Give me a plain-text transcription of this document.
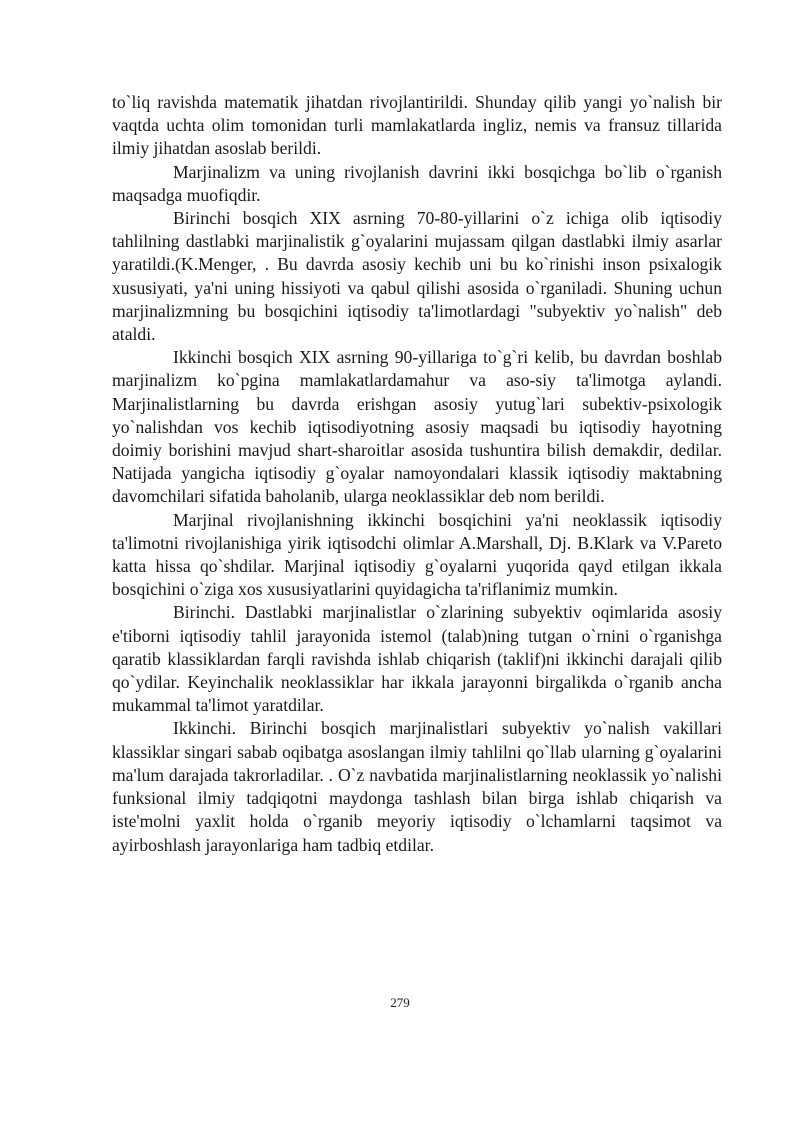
to`liq ravishda matematik jihatdan rivojlantirildi. Shunday qilib yangi yo`nalish bir vaqtda uchta olim tomonidan turli mamlakatlarda ingliz, nemis va fransuz tillarida ilmiy jihatdan asoslab berildi.

Marjinalizm va uning rivojlanish davrini ikki bosqichga bo`lib o`rganish maqsadga muofiqdir.

Birinchi bosqich XIX asrning 70-80-yillarini o`z ichiga olib iqtisodiy tahlilning dastlabki marjinalistik g`oyalarini mujassam qilgan dastlabki ilmiy asarlar yaratildi.(K.Menger, . Bu davrda asosiy kechib uni bu ko`rinishi inson psixalogik xususiyati, ya'ni uning hissiyoti va qabul qilishi asosida o`rganiladi. Shuning uchun marjinalizmning bu bosqichini iqtisodiy ta'limotlardagi "subyektiv yo`nalish" deb ataldi.

Ikkinchi bosqich XIX asrning 90-yillariga to`g`ri kelib, bu davrdan boshlab marjinalizm ko`pgina mamlakatlardamahur va aso-siy ta'limotga aylandi. Marjinalistlarning bu davrda erishgan asosiy yutug`lari subektiv-psixologik yo`nalishdan vos kechib iqtisodiyotning asosiy maqsadi bu iqtisodiy hayotning doimiy borishini mavjud shart-sharoitlar asosida tushuntira bilish demakdir, dedilar. Natijada yangicha iqtisodiy g`oyalar namoyondalari klassik iqtisodiy maktabning davomchilari sifatida baholanib, ularga neoklassiklar deb nom berildi.

Marjinal rivojlanishning ikkinchi bosqichini ya'ni neoklassik iqtisodiy ta'limotni rivojlanishiga yirik iqtisodchi olimlar A.Marshall, Dj. B.Klark va V.Pareto katta hissa qo`shdilar. Marjinal iqtisodiy g`oyalarni yuqorida qayd etilgan ikkala bosqichini o`ziga xos xususiyatlarini quyidagicha ta'riflanimiz mumkin.

Birinchi. Dastlabki marjinalistlar o`zlarining subyektiv oqimlarida asosiy e'tiborni iqtisodiy tahlil jarayonida istemol (talab)ning tutgan o`rnini o`rganishga qaratib klassiklardan farqli ravishda ishlab chiqarish (taklif)ni ikkinchi darajali qilib qo`ydilar. Keyinchalik neoklassiklar har ikkala jarayonni birgalikda o`rganib ancha mukammal ta'limot yaratdilar.

Ikkinchi. Birinchi bosqich marjinalistlari subyektiv yo`nalish vakillari klassiklar singari sabab oqibatga asoslangan ilmiy tahlilni qo`llab ularning g`oyalarini ma'lum darajada takrorladilar. . O`z navbatida marjinalistlarning neoklassik yo`nalishi funksional ilmiy tadqiqotni maydonga tashlash bilan birga ishlab chiqarish va iste'molni yaxlit holda o`rganib meyoriy iqtisodiy o`lchamlarni taqsimot va ayirboshlash jarayonlariga ham tadbiq etdilar.

279
